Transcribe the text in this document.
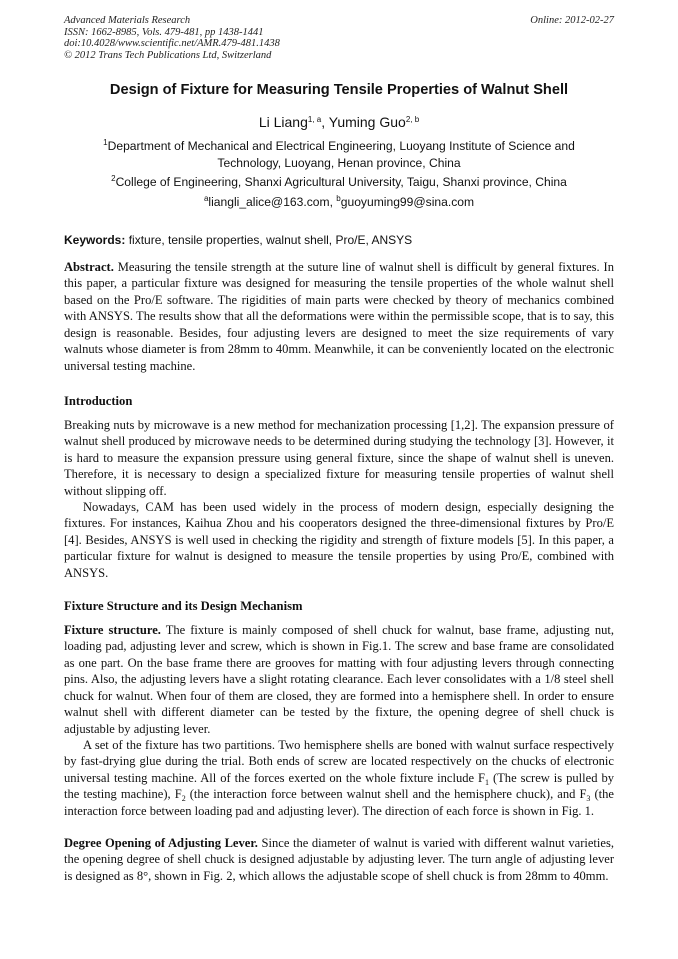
Advanced Materials Research
ISSN: 1662-8985, Vols. 479-481, pp 1438-1441
doi:10.4028/www.scientific.net/AMR.479-481.1438
© 2012 Trans Tech Publications Ltd, Switzerland
Online: 2012-02-27
Design of Fixture for Measuring Tensile Properties of Walnut Shell
Li Liang$^{1, a}$, Yuming Guo$^{2, b}$
$^1$Department of Mechanical and Electrical Engineering, Luoyang Institute of Science and Technology, Luoyang, Henan province, China
$^2$College of Engineering, Shanxi Agricultural University, Taigu, Shanxi province, China
$^a$liangli_alice@163.com, $^b$guoyuming99@sina.com
Keywords: fixture, tensile properties, walnut shell, Pro/E, ANSYS
Abstract. Measuring the tensile strength at the suture line of walnut shell is difficult by general fixtures. In this paper, a particular fixture was designed for measuring the tensile properties of the whole walnut shell based on the Pro/E software. The rigidities of main parts were checked by theory of mechanics combined with ANSYS. The results show that all the deformations were within the permissible scope, that is to say, this design is reasonable. Besides, four adjusting levers are designed to meet the size requirements of vary walnuts whose diameter is from 28mm to 40mm. Meanwhile, it can be conveniently located on the electronic universal testing machine.
Introduction
Breaking nuts by microwave is a new method for mechanization processing [1,2]. The expansion pressure of walnut shell produced by microwave needs to be determined during studying the technology [3]. However, it is hard to measure the expansion pressure using general fixture, since the shape of walnut shell is uneven. Therefore, it is necessary to design a specialized fixture for measuring tensile properties of walnut shell without slipping off.
Nowadays, CAM has been used widely in the process of modern design, especially designing the fixtures. For instances, Kaihua Zhou and his cooperators designed the three-dimensional fixtures by Pro/E [4]. Besides, ANSYS is well used in checking the rigidity and strength of fixture models [5]. In this paper, a particular fixture for walnut is designed to measure the tensile properties by using Pro/E, combined with ANSYS.
Fixture Structure and its Design Mechanism
Fixture structure. The fixture is mainly composed of shell chuck for walnut, base frame, adjusting nut, loading pad, adjusting lever and screw, which is shown in Fig.1. The screw and base frame are consolidated as one part. On the base frame there are grooves for matting with four adjusting levers through connecting pins. Also, the adjusting levers have a slight rotating clearance. Each lever consolidates with a 1/8 steel shell chuck for walnut. When four of them are closed, they are formed into a hemisphere shell. In order to ensure walnut shell with different diameter can be tested by the fixture, the opening degree of shell chuck is adjustable by adjusting lever.
A set of the fixture has two partitions. Two hemisphere shells are boned with walnut surface respectively by fast-drying glue during the trial. Both ends of screw are located respectively on the chucks of electronic universal testing machine. All of the forces exerted on the whole fixture include $F_1$ (The screw is pulled by the testing machine), $F_2$ (the interaction force between walnut shell and the hemisphere chuck), and $F_3$ (the interaction force between loading pad and adjusting lever). The direction of each force is shown in Fig. 1.
Degree Opening of Adjusting Lever. Since the diameter of walnut is varied with different walnut varieties, the opening degree of shell chuck is designed adjustable by adjusting lever. The turn angle of adjusting lever is designed as 8°, shown in Fig. 2, which allows the adjustable scope of shell chuck is from 28mm to 40mm.
